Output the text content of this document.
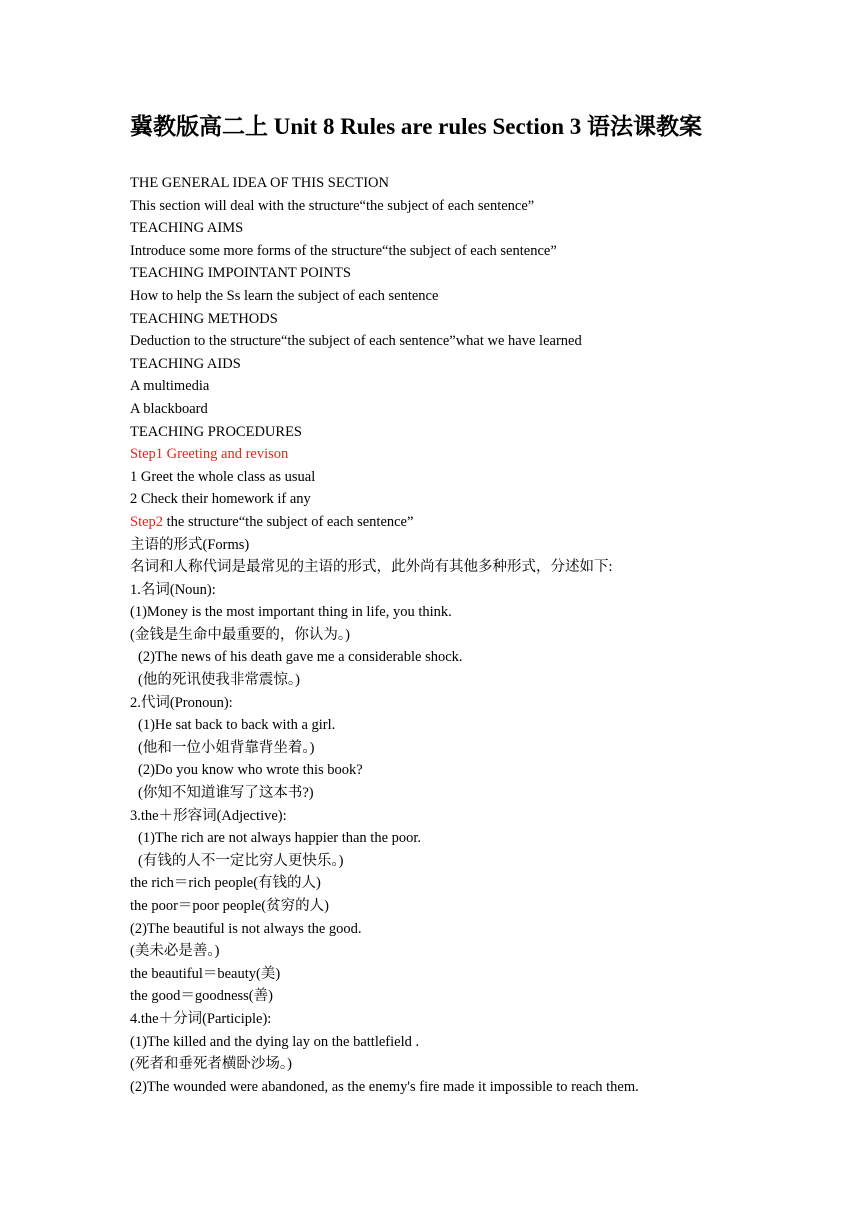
冀教版高二上 Unit 8 Rules are rules Section 3 语法课教案
THE GENERAL IDEA OF THIS SECTION
This section will deal with the structure“the subject of each sentence”
TEACHING AIMS
Introduce some more forms of the structure“the subject of each sentence”
TEACHING IMPOINTANT POINTS
How to help the Ss learn the subject of each sentence
TEACHING METHODS
Deduction to the structure“the subject of each sentence”what we have learned
TEACHING AIDS
A multimedia
A blackboard
TEACHING PROCEDURES
Step1 Greeting and revison
1 Greet the whole class as usual
2 Check their homework if any
Step2 the structure“the subject of each sentence”
主语的形式(Forms)
名词和人称代词是最常见的主语的形式，此外尚有其他多种形式，分述如下:
1.名词(Noun):
(1)Money is the most important thing in life, you think.
(金钱是生命中最重要的，你认为。)
(2)The news of his death gave me a considerable shock.
(他的死讯使我非常震惊。)
2.代词(Pronoun):
(1)He sat back to back with a girl.
(他和一位小姐背靠背坐着。)
(2)Do you know who wrote this book?
(你知不知道谁写了这本书?)
3.the＋形容词(Adjective):
(1)The rich are not always happier than the poor.
(有钱的人不一定比穷人更快乐。)
the rich＝rich people(有钱的人)
the poor＝poor people(贫穷的人)
(2)The beautiful is not always the good.
(美未必是善。)
the beautiful＝beauty(美)
the good＝goodness(善)
4.the＋分词(Participle):
(1)The killed and the dying lay on the battlefield .
(死者和垂死者横卧沙场。)
(2)The wounded were abandoned, as the enemy's fire made it impossible to reach them.
